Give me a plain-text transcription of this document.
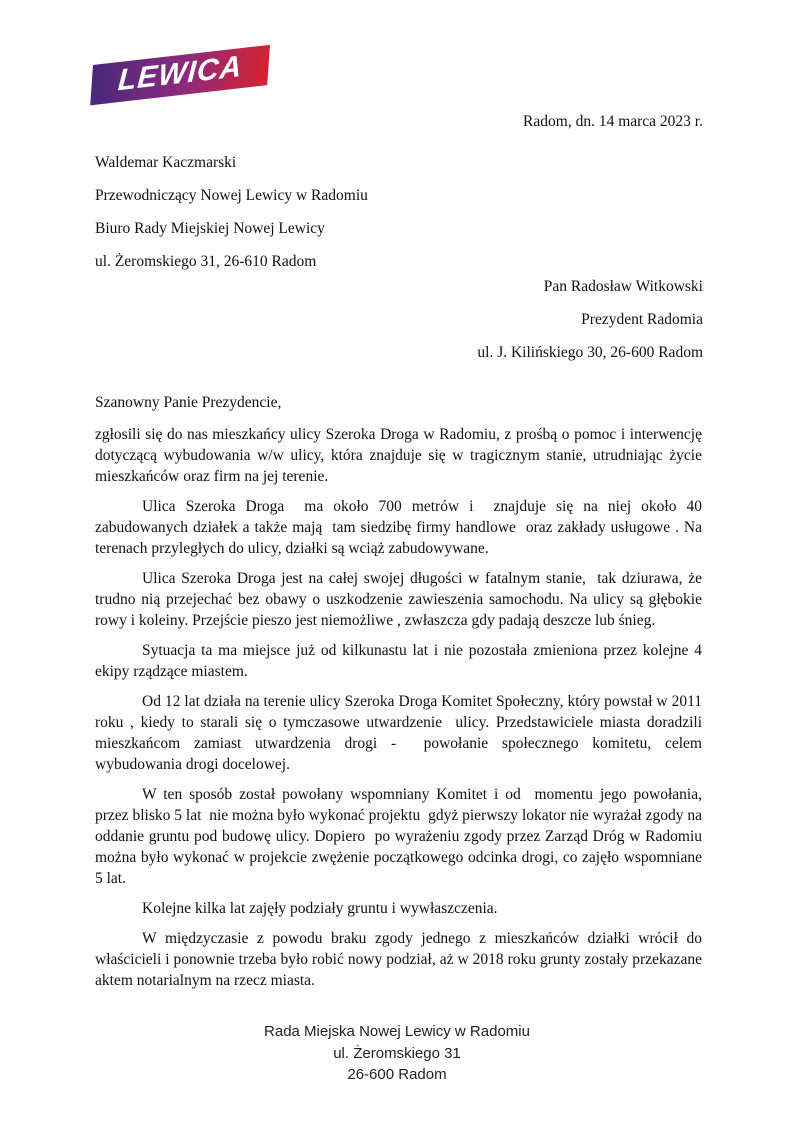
LEWICA
Radom, dn. 14 marca 2023 r.
Waldemar Kaczmarski
Przewodniczący Nowej Lewicy w Radomiu
Biuro Rady Miejskiej Nowej Lewicy
ul. Żeromskiego 31, 26-610 Radom
Pan Radosław Witkowski
Prezydent Radomia
ul. J. Kilińskiego 30, 26-600 Radom
Szanowny Panie Prezydencie,

zgłosili się do nas mieszkańcy ulicy Szeroka Droga w Radomiu, z prośbą o pomoc i interwencję dotyczącą wybudowania w/w ulicy, która znajduje się w tragicznym stanie, utrudniając życie mieszkańców oraz firm na jej terenie.

Ulica Szeroka Droga  ma około 700 metrów i  znajduje się na niej około 40 zabudowanych działek a także mają  tam siedzibę firmy handlowe  oraz zakłady usługowe . Na terenach przyległych do ulicy, działki są wciąż zabudowywane.

Ulica Szeroka Droga jest na całej swojej długości w fatalnym stanie,  tak dziurawa, że trudno nią przejechać bez obawy o uszkodzenie zawieszenia samochodu. Na ulicy są głębokie rowy i koleiny. Przejście pieszo jest niemożliwe , zwłaszcza gdy padają deszcze lub śnieg.

Sytuacja ta ma miejsce już od kilkunastu lat i nie pozostała zmieniona przez kolejne 4 ekipy rządzące miastem.

Od 12 lat działa na terenie ulicy Szeroka Droga Komitet Społeczny, który powstał w 2011 roku , kiedy to starali się o tymczasowe utwardzenie  ulicy. Przedstawiciele miasta doradzili mieszkańcom zamiast utwardzenia drogi -  powołanie społecznego komitetu, celem wybudowania drogi docelowej.

W ten sposób został powołany wspomniany Komitet i od  momentu jego powołania, przez blisko 5 lat  nie można było wykonać projektu  gdyż pierwszy lokator nie wyrażał zgody na oddanie gruntu pod budowę ulicy. Dopiero  po wyrażeniu zgody przez Zarząd Dróg w Radomiu można było wykonać w projekcie zwężenie początkowego odcinka drogi, co zajęło wspomniane 5 lat.

Kolejne kilka lat zajęły podziały gruntu i wywłaszczenia.

W międzyczasie z powodu braku zgody jednego z mieszkańców działki wrócił do właścicieli i ponownie trzeba było robić nowy podział, aż w 2018 roku grunty zostały przekazane aktem notarialnym na rzecz miasta.

Rada Miejska Nowej Lewicy w Radomiu
ul. Żeromskiego 31
26-600 Radom
